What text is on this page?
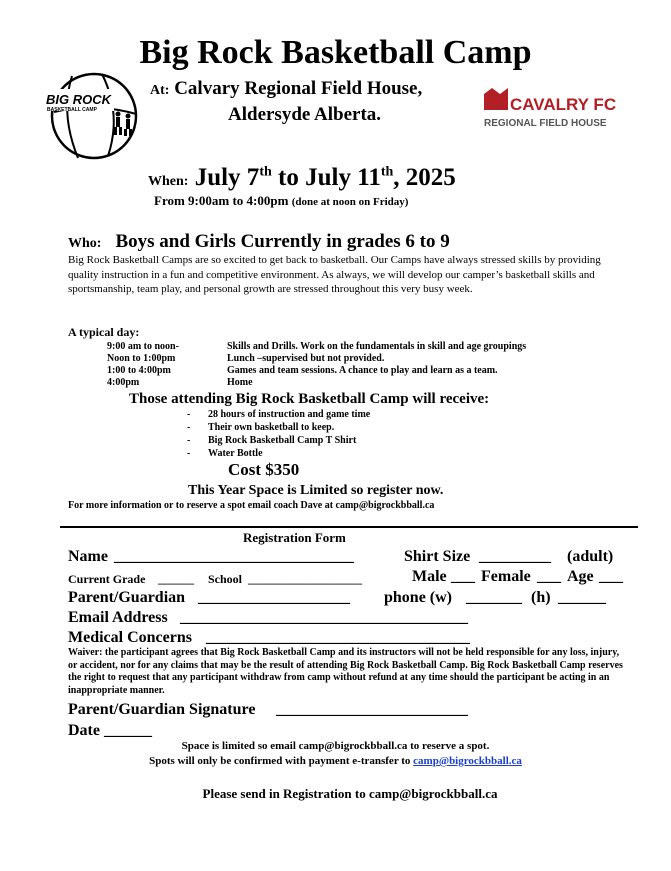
BIG ROCK
BASKETBALL CAMP	CAVALRY FC
REGIONAL FIELD HOUSE
Big Rock Basketball Camp
At: Calvary Regional Field House,
Aldersyde Alberta.
When: July 7th to July 11th, 2025
From 9:00am to 4:00pm (done at noon on Friday)
Who: Boys and Girls Currently in grades 6 to 9
Big Rock Basketball Camps are so excited to get back to basketball. Our Camps have always stressed skills by providing quality instruction in a fun and competitive environment. As always, we will develop our camper’s basketball skills and sportsmanship, team play, and personal growth are stressed throughout this very busy week.
A typical day:
9:00 am to noon-	Skills and Drills. Work on the fundamentals in skill and age groupings
Noon to 1:00pm	Lunch –supervised but not provided.
1:00 to 4:00pm	Games and team sessions. A chance to play and learn as a team.
4:00pm	Home
Those attending Big Rock Basketball Camp will receive:
- 28 hours of instruction and game time
- Their own basketball to keep.
- Big Rock Basketball Camp T Shirt
- Water Bottle
Cost $350
This Year Space is Limited so register now.
For more information or to reserve a spot email coach Dave at camp@bigrockbball.ca
Registration Form
Name ______________________________	Shirt Size _________ (adult)
Current Grade ______ School ___________________	Male ___ Female ___ Age ___
Parent/Guardian ___________________ phone (w) _______ (h) ______
Email Address ____________________________________
Medical Concerns _________________________________
Waiver: the participant agrees that Big Rock Basketball Camp and its instructors will not be held responsible for any loss, injury, or accident, nor for any claims that may be the result of attending Big Rock Basketball Camp. Big Rock Basketball Camp reserves the right to request that any participant withdraw from camp without refund at any time should the participant be acting in an inappropriate manner.
Parent/Guardian Signature ________________________
Date ______
Space is limited so email camp@bigrockbball.ca to reserve a spot.
Spots will only be confirmed with payment e-transfer to camp@bigrockbball.ca
Please send in Registration to camp@bigrockbball.ca
